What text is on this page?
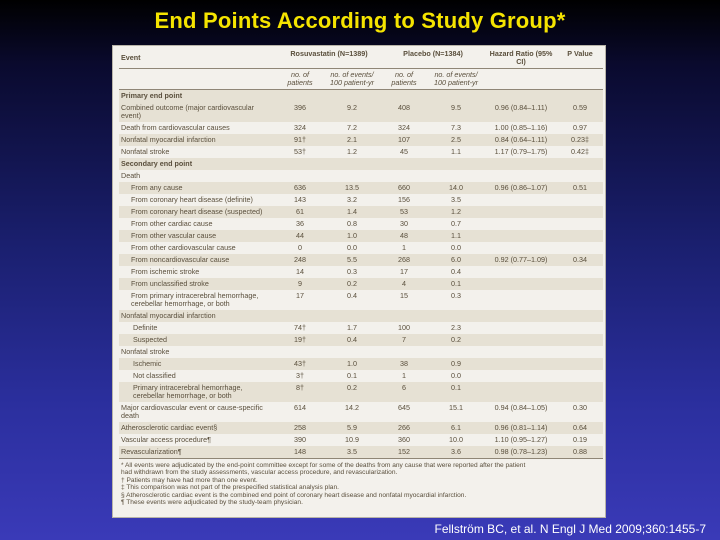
End Points According to Study Group*
Event	Rosuvastatin (N=1389)		Placebo (N=1384)		Hazard Ratio (95% CI)	P Value
	no. of patients	no. of events/ 100 patient-yr	no. of patients	no. of events/ 100 patient-yr		
Primary end point						
Combined outcome (major cardiovascular event)	396	9.2	408	9.5	0.96 (0.84–1.11)	0.59
Death from cardiovascular causes	324	7.2	324	7.3	1.00 (0.85–1.16)	0.97
Nonfatal myocardial infarction	91†	2.1	107	2.5	0.84 (0.64–1.11)	0.23‡
Nonfatal stroke	53†	1.2	45	1.1	1.17 (0.79–1.75)	0.42‡
Secondary end point						
Death						
From any cause	636	13.5	660	14.0	0.96 (0.86–1.07)	0.51
From coronary heart disease (definite)	143	3.2	156	3.5		
From coronary heart disease (suspected)	61	1.4	53	1.2		
From other cardiac cause	36	0.8	30	0.7		
From other vascular cause	44	1.0	48	1.1		
From other cardiovascular cause	0	0.0	1	0.0		
From noncardiovascular cause	248	5.5	268	6.0	0.92 (0.77–1.09)	0.34
From ischemic stroke	14	0.3	17	0.4		
From unclassified stroke	9	0.2	4	0.1		
From primary intracerebral hemorrhage, cerebellar hemorrhage, or both	17	0.4	15	0.3		
Nonfatal myocardial infarction						
Definite	74†	1.7	100	2.3		
Suspected	19†	0.4	7	0.2		
Nonfatal stroke						
Ischemic	43†	1.0	38	0.9		
Not classified	3†	0.1	1	0.0		
Primary intracerebral hemorrhage, cerebellar hemorrhage, or both	8†	0.2	6	0.1		
Major cardiovascular event or cause-specific death	614	14.2	645	15.1	0.94 (0.84–1.05)	0.30
Atherosclerotic cardiac event§	258	5.9	266	6.1	0.96 (0.81–1.14)	0.64
Vascular access procedure¶	390	10.9	360	10.0	1.10 (0.95–1.27)	0.19
Revascularization¶	148	3.5	152	3.6	0.98 (0.78–1.23)	0.88
* All events were adjudicated by the end-point committee except for some of the deaths from any cause that were reported after the patient
had withdrawn from the study assessments, vascular access procedure, and revascularization.
† Patients may have had more than one event.
‡ This comparison was not part of the prespecified statistical analysis plan.
§ Atherosclerotic cardiac event is the combined end point of coronary heart disease and nonfatal myocardial infarction.
¶ These events were adjudicated by the study-team physician.
Fellström BC, et al. N Engl J Med 2009;360:1455-7
